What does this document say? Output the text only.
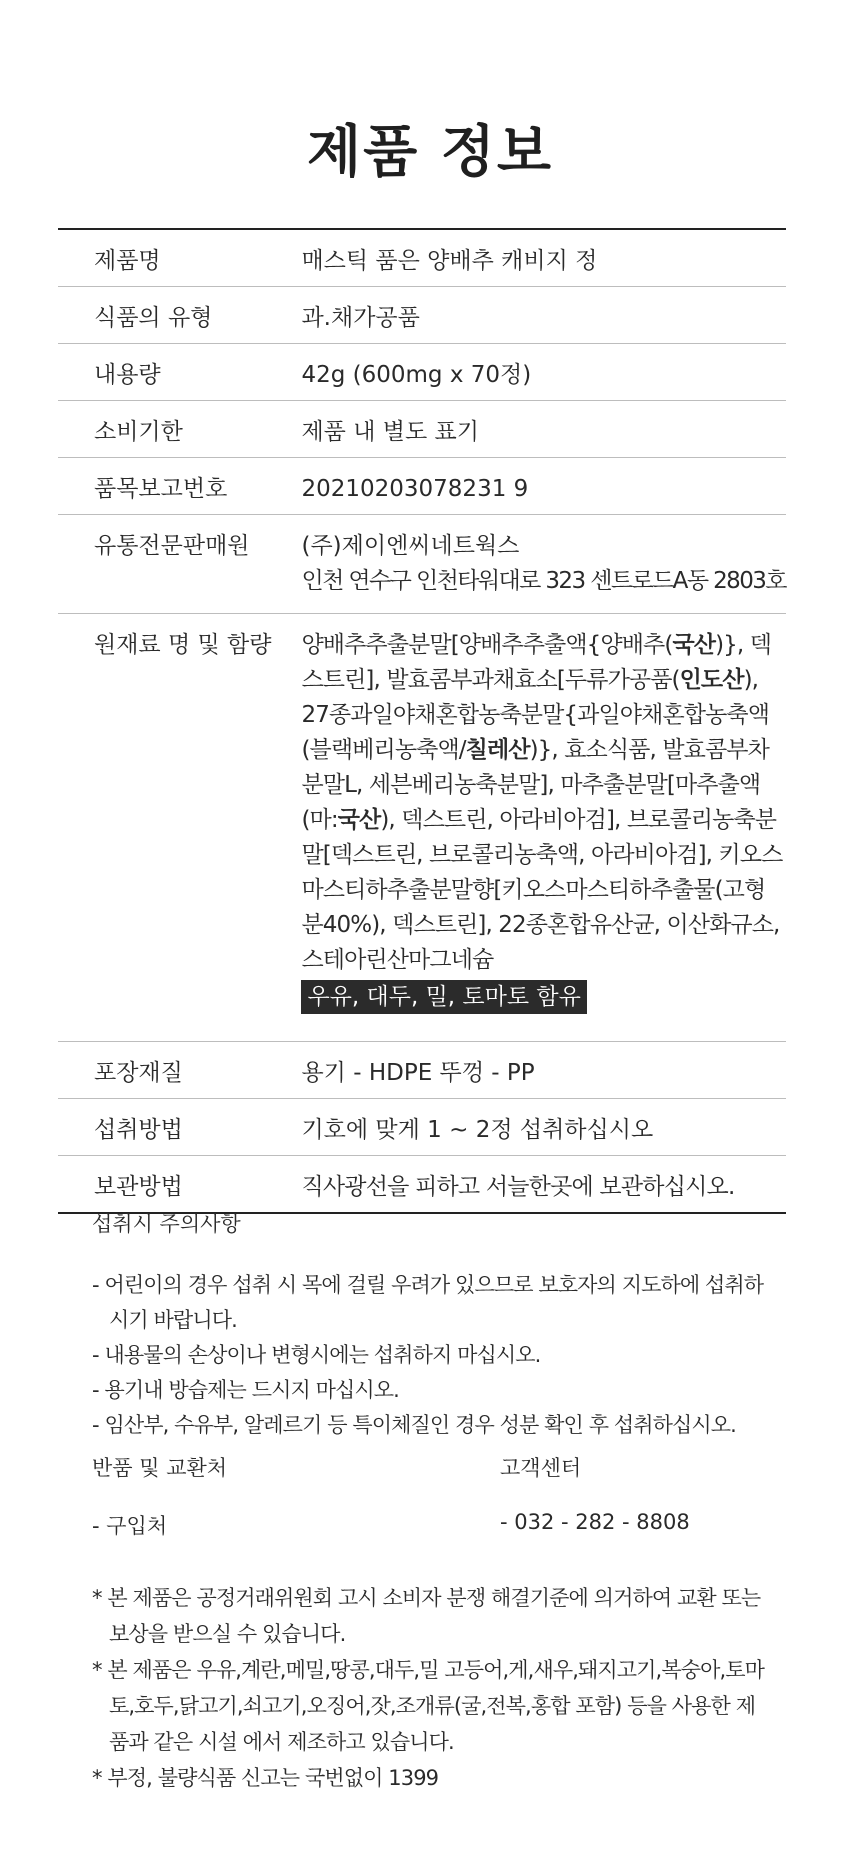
제품 정보
제품명	매스틱 품은 양배추 캐비지 정
식품의 유형	과.채가공품
내용량	42g (600mg x 70정)
소비기한	제품 내 별도 표기
품목보고번호	20210203078231 9
유통전문판매원	(주)제이엔씨네트웍스
인천 연수구 인천타워대로 323 센트로드A동 2803호

원재료 명 및 함량	양배추추출분말[양배추추출액{양배추(국산)}, 덱스트린], 발효콤부과채효소[두류가공품(인도산), 27종과일야채혼합농축분말{과일야채혼합농축액(블랙베리농축액/칠레산)}, 효소식품, 발효콤부차분말L, 세븐베리농축분말], 마추출분말[마추출액(마:국산), 덱스트린, 아라비아검], 브로콜리농축분말[덱스트린, 브로콜리농축액, 아라비아검], 키오스마스티하추출분말향[키오스마스티하추출물(고형분40%), 덱스트린], 22종혼합유산균, 이산화규소, 스테아린산마그네슘
우유, 대두, 밀, 토마토 함유
포장재질	용기 - HDPE 뚜껑 - PP
섭취방법	기호에 맞게 1 ~ 2정 섭취하십시오
보관방법	직사광선을 피하고 서늘한곳에 보관하십시오.
섭취시 주의사항
- 어린이의 경우 섭취 시 목에 걸릴 우려가 있으므로 보호자의 지도하에 섭취하시기 바랍니다.
- 내용물의 손상이나 변형시에는 섭취하지 마십시오.
- 용기내 방습제는 드시지 마십시오.
- 임산부, 수유부, 알레르기 등 특이체질인 경우 성분 확인 후 섭취하십시오.
반품 및 교환처	고객센터
- 구입처	- 032 - 282 - 8808
* 본 제품은 공정거래위원회 고시 소비자 분쟁 해결기준에 의거하여 교환 또는 보상을 받으실 수 있습니다.
* 본 제품은 우유,계란,메밀,땅콩,대두,밀 고등어,게,새우,돼지고기,복숭아,토마토,호두,닭고기,쇠고기,오징어,잣,조개류(굴,전복,홍합 포함) 등을 사용한 제품과 같은 시설 에서 제조하고 있습니다.
* 부정, 불량식품 신고는 국번없이 1399
